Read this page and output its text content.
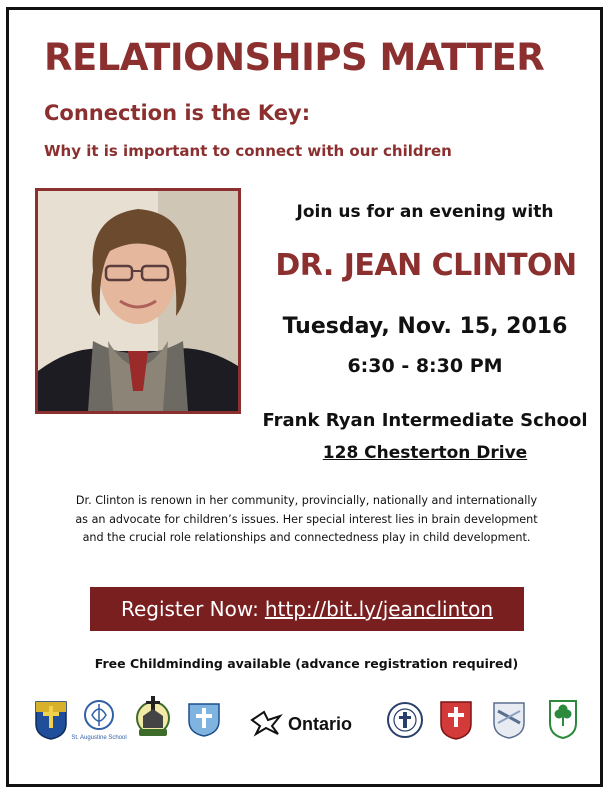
RELATIONSHIPS MATTER
Connection is the Key:
Why it is important to connect with our children
Join us for an evening with
DR. JEAN CLINTON
Tuesday, Nov. 15, 2016
6:30 - 8:30 PM
Frank Ryan Intermediate School
128 Chesterton Drive
Dr. Clinton is renown in her community, provincially, nationally and internationally
as an advocate for children’s issues. Her special interest lies in brain development
and the crucial role relationships and connectedness play in child development.
Register Now: http://bit.ly/jeanclinton
Free Childminding available (advance registration required)
St. Augustine School
Ontario
